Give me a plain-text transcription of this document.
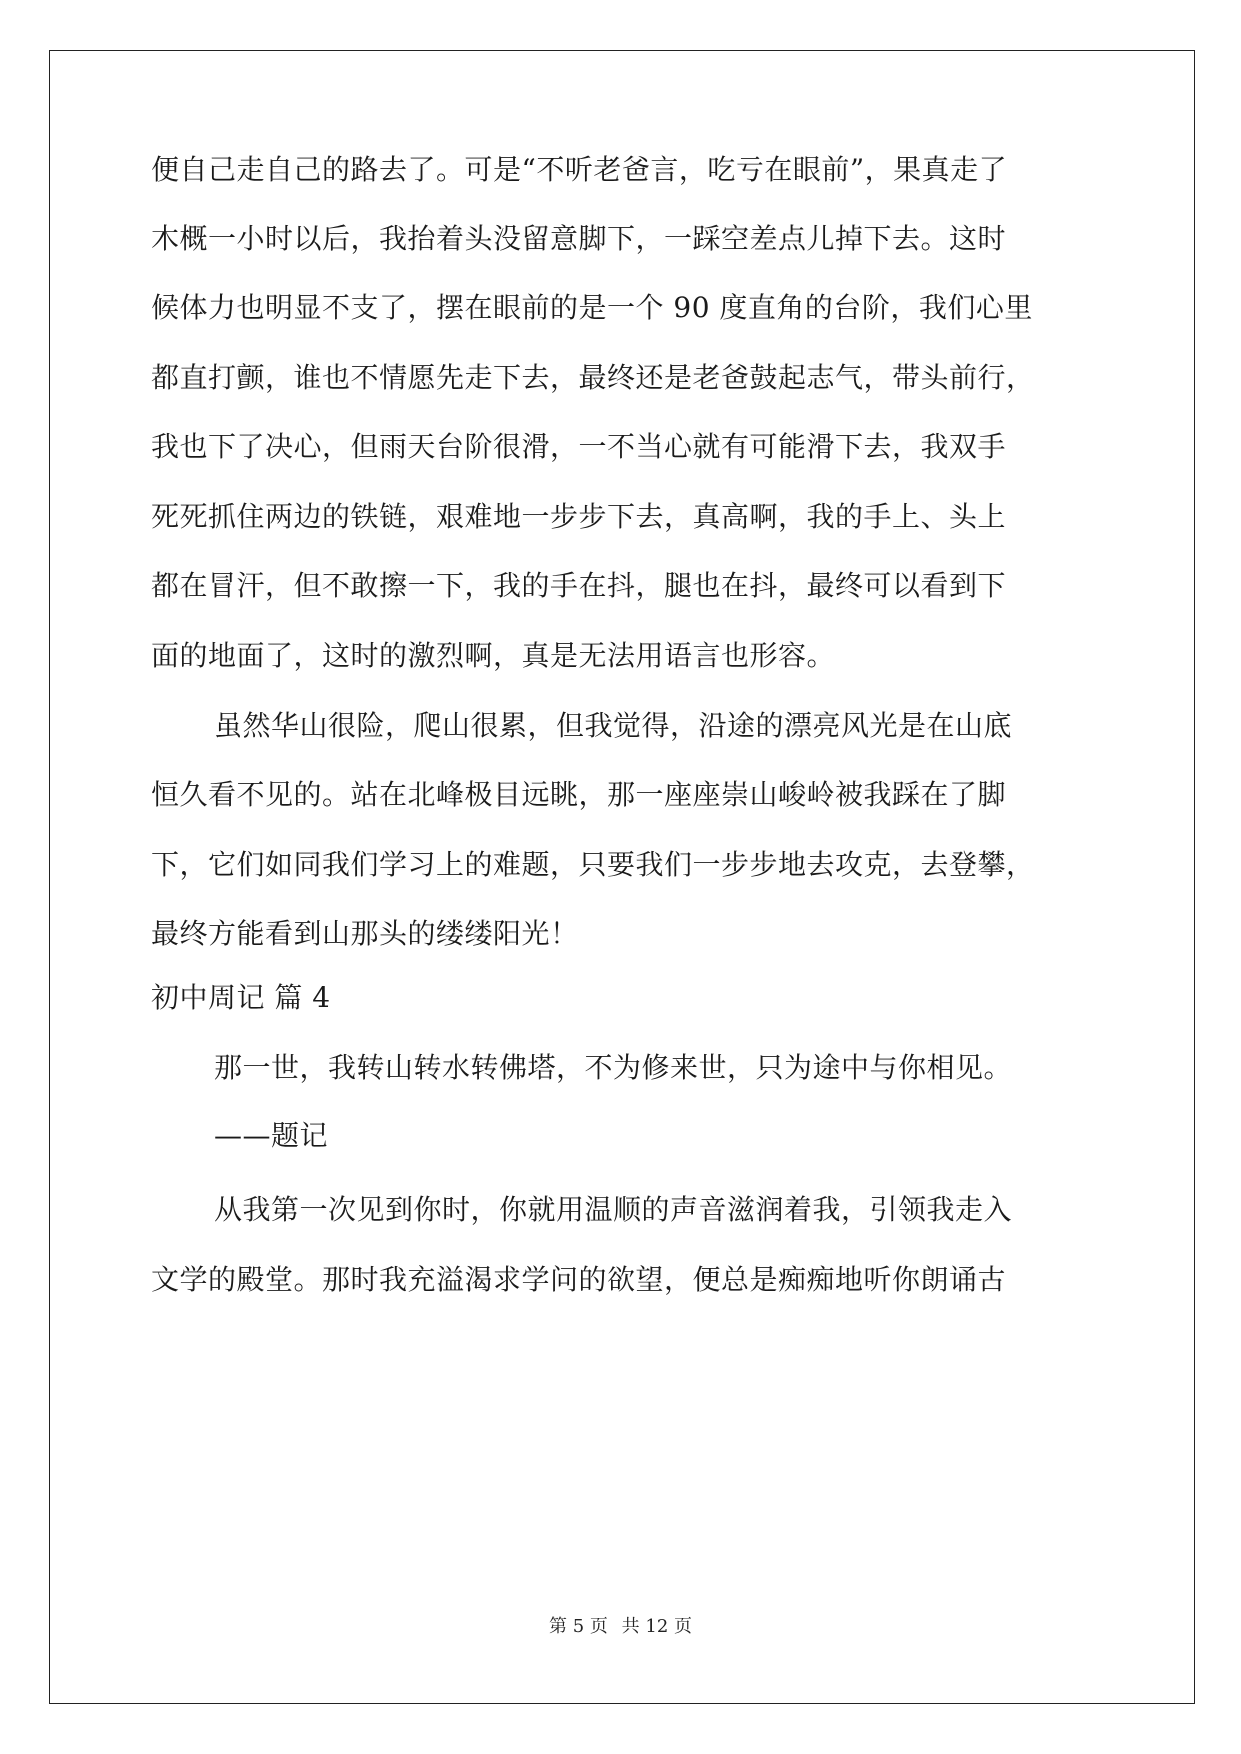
便自己走自己的路去了。可是“不听老爸言，吃亏在眼前”，果真走了
木概一小时以后，我抬着头没留意脚下，一踩空差点儿掉下去。这时
候体力也明显不支了，摆在眼前的是一个 90 度直角的台阶，我们心里
都直打颤，谁也不情愿先走下去，最终还是老爸鼓起志气，带头前行，
我也下了决心，但雨天台阶很滑，一不当心就有可能滑下去，我双手
死死抓住两边的铁链，艰难地一步步下去，真高啊，我的手上、头上
都在冒汗，但不敢擦一下，我的手在抖，腿也在抖，最终可以看到下
面的地面了，这时的激烈啊，真是无法用语言也形容。
虽然华山很险，爬山很累，但我觉得，沿途的漂亮风光是在山底
恒久看不见的。站在北峰极目远眺，那一座座崇山峻岭被我踩在了脚
下，它们如同我们学习上的难题，只要我们一步步地去攻克，去登攀，
最终方能看到山那头的缕缕阳光！
初中周记 篇 4
那一世，我转山转水转佛塔，不为修来世，只为途中与你相见。
——题记
从我第一次见到你时，你就用温顺的声音滋润着我，引领我走入
文学的殿堂。那时我充溢渴求学问的欲望，便总是痴痴地听你朗诵古
第 5 页 共 12 页
